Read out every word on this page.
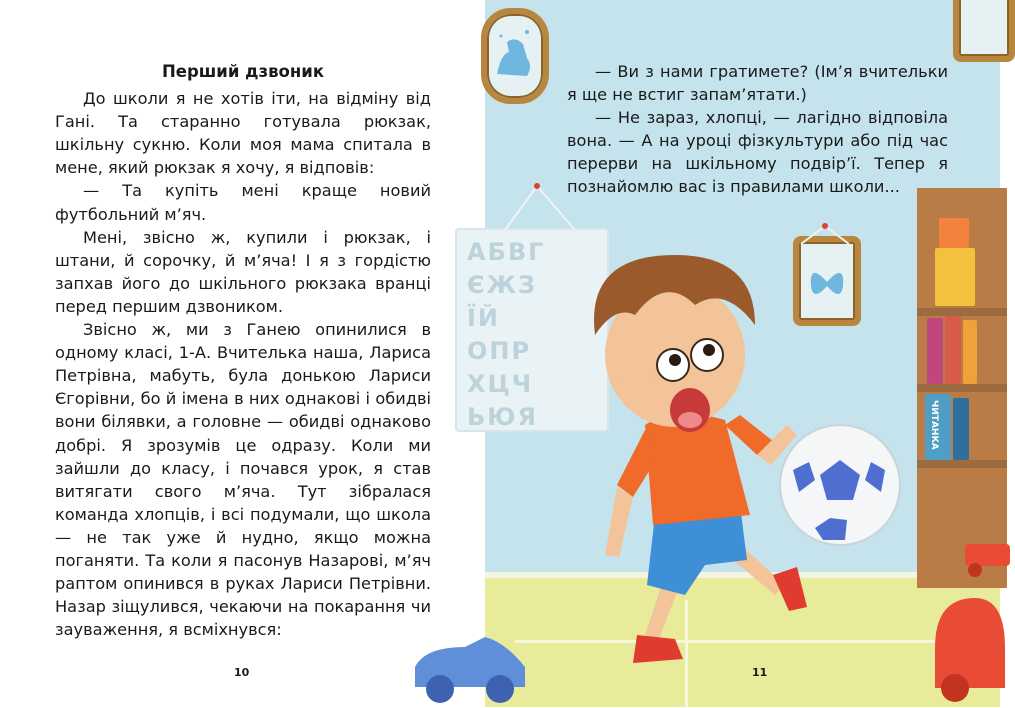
Перший дзвоник

До школи я не хотів іти, на відміну від Гані. Та старанно готувала рюкзак, шкільну сукню. Коли моя мама спитала в мене, який рюкзак я хочу, я відповів:

— Та купіть мені краще новий футбольний м’яч.

Мені, звісно ж, купили і рюкзак, і штани, й сорочку, й м’яча! І я з гордістю запхав його до шкільного рюкзака вранці перед першим дзвоником.

Звісно ж, ми з Ганею опинилися в одному класі, 1-А. Вчителька наша, Лариса Петрівна, мабуть, була донькою Лариси Єгорівни, бо й імена в них однакові і обидві вони білявки, а головне — обидві однаково добрі. Я зрозумів це одразу. Коли ми зайшли до класу, і почався урок, я став витягати свого м’яча. Тут зібралася команда хлопців, і всі подумали, що школа — не так уже й нудно, якщо можна поганяти. Та коли я пасонув Назарові, м’яч раптом опинився в руках Лариси Петрівни. Назар зіщулився, чекаючи на покарання чи зауваження, я всміхнувся:

10
АБВГ
ЄЖЗ
ЇЙ
ОПР
ХЦЧ
ЬЮЯ	ЧИТАНКА

— Ви з нами гратимете? (Ім’я вчительки я ще не встиг запам’ятати.)

— Не зараз, хлопці, — лагідно відповіла вона. — А на уроці фізкультури або під час перерви на шкільному подвір’ї. Тепер я познайомлю вас із правилами школи...

11
